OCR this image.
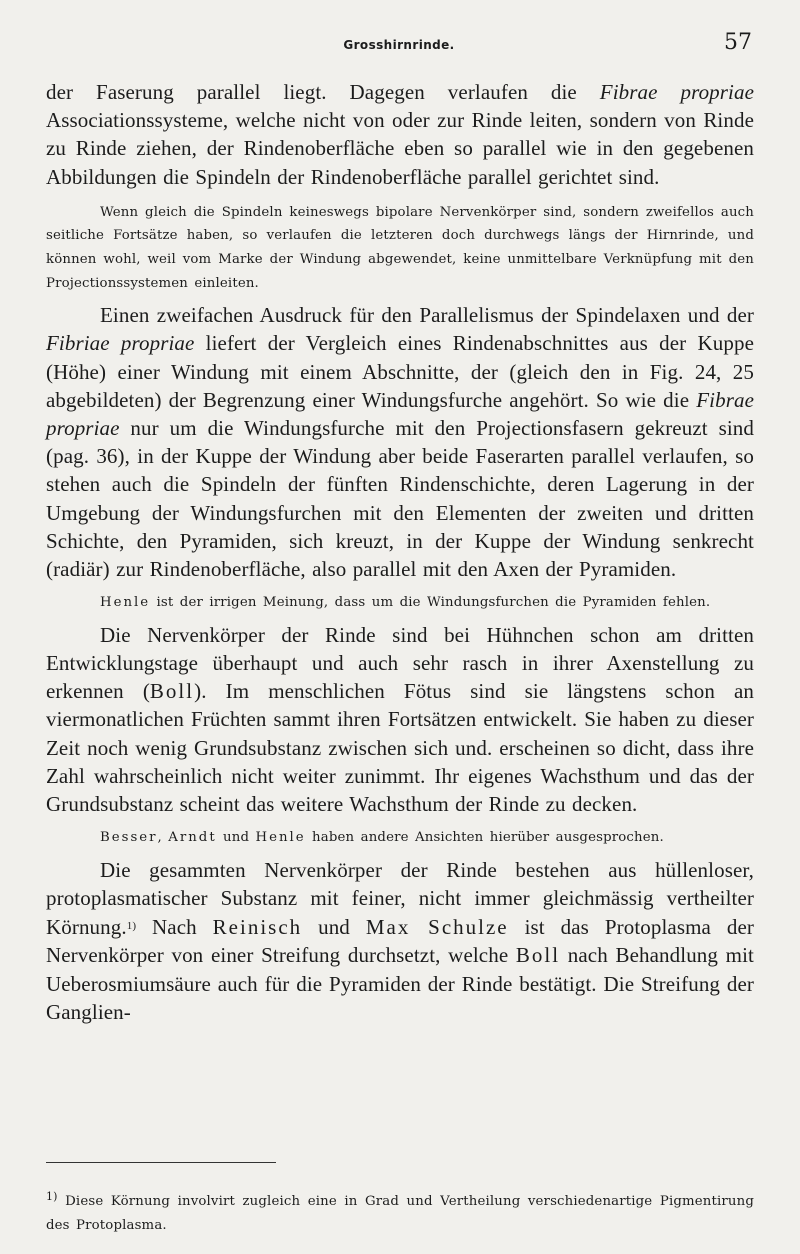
Grosshirnrinde.	57

der Faserung parallel liegt. Dagegen verlaufen die Fibrae propriae Associationssysteme, welche nicht von oder zur Rinde leiten, sondern von Rinde zu Rinde ziehen, der Rindenoberfläche eben so parallel wie in den gegebenen Abbildungen die Spindeln der Rindenoberfläche parallel gerichtet sind.

Wenn gleich die Spindeln keineswegs bipolare Nervenkörper sind, sondern zweifellos auch seitliche Fortsätze haben, so verlaufen die letzteren doch durchwegs längs der Hirnrinde, und können wohl, weil vom Marke der Windung abgewendet, keine unmittelbare Verknüpfung mit den Projectionssystemen einleiten.

Einen zweifachen Ausdruck für den Parallelismus der Spindelaxen und der Fibriae propriae liefert der Vergleich eines Rindenabschnittes aus der Kuppe (Höhe) einer Windung mit einem Abschnitte, der (gleich den in Fig. 24, 25 abgebildeten) der Begrenzung einer Windungsfurche angehört. So wie die Fibrae propriae nur um die Windungsfurche mit den Projectionsfasern gekreuzt sind (pag. 36), in der Kuppe der Windung aber beide Faserarten parallel verlaufen, so stehen auch die Spindeln der fünften Rindenschichte, deren Lagerung in der Umgebung der Windungsfurchen mit den Elementen der zweiten und dritten Schichte, den Pyramiden, sich kreuzt, in der Kuppe der Windung senkrecht (radiär) zur Rindenoberfläche, also parallel mit den Axen der Pyramiden.

Henle ist der irrigen Meinung, dass um die Windungsfurchen die Pyramiden fehlen.

Die Nervenkörper der Rinde sind bei Hühnchen schon am dritten Entwicklungstage überhaupt und auch sehr rasch in ihrer Axenstellung zu erkennen (Boll). Im menschlichen Fötus sind sie längstens schon an viermonatlichen Früchten sammt ihren Fortsätzen entwickelt. Sie haben zu dieser Zeit noch wenig Grundsubstanz zwischen sich und. erscheinen so dicht, dass ihre Zahl wahrscheinlich nicht weiter zunimmt. Ihr eigenes Wachsthum und das der Grundsubstanz scheint das weitere Wachsthum der Rinde zu decken.

Besser, Arndt und Henle haben andere Ansichten hierüber ausgesprochen.

Die gesammten Nervenkörper der Rinde bestehen aus hüllenloser, protoplasmatischer Substanz mit feiner, nicht immer gleichmässig vertheilter Körnung.$^{1)}$ Nach Reinisch und Max Schulze ist das Protoplasma der Nervenkörper von einer Streifung durchsetzt, welche Boll nach Behandlung mit Ueberosmiumsäure auch für die Pyramiden der Rinde bestätigt. Die Streifung der Ganglien-

$^{1)}$ Diese Körnung involvirt zugleich eine in Grad und Vertheilung verschiedenartige Pigmentirung des Protoplasma.
